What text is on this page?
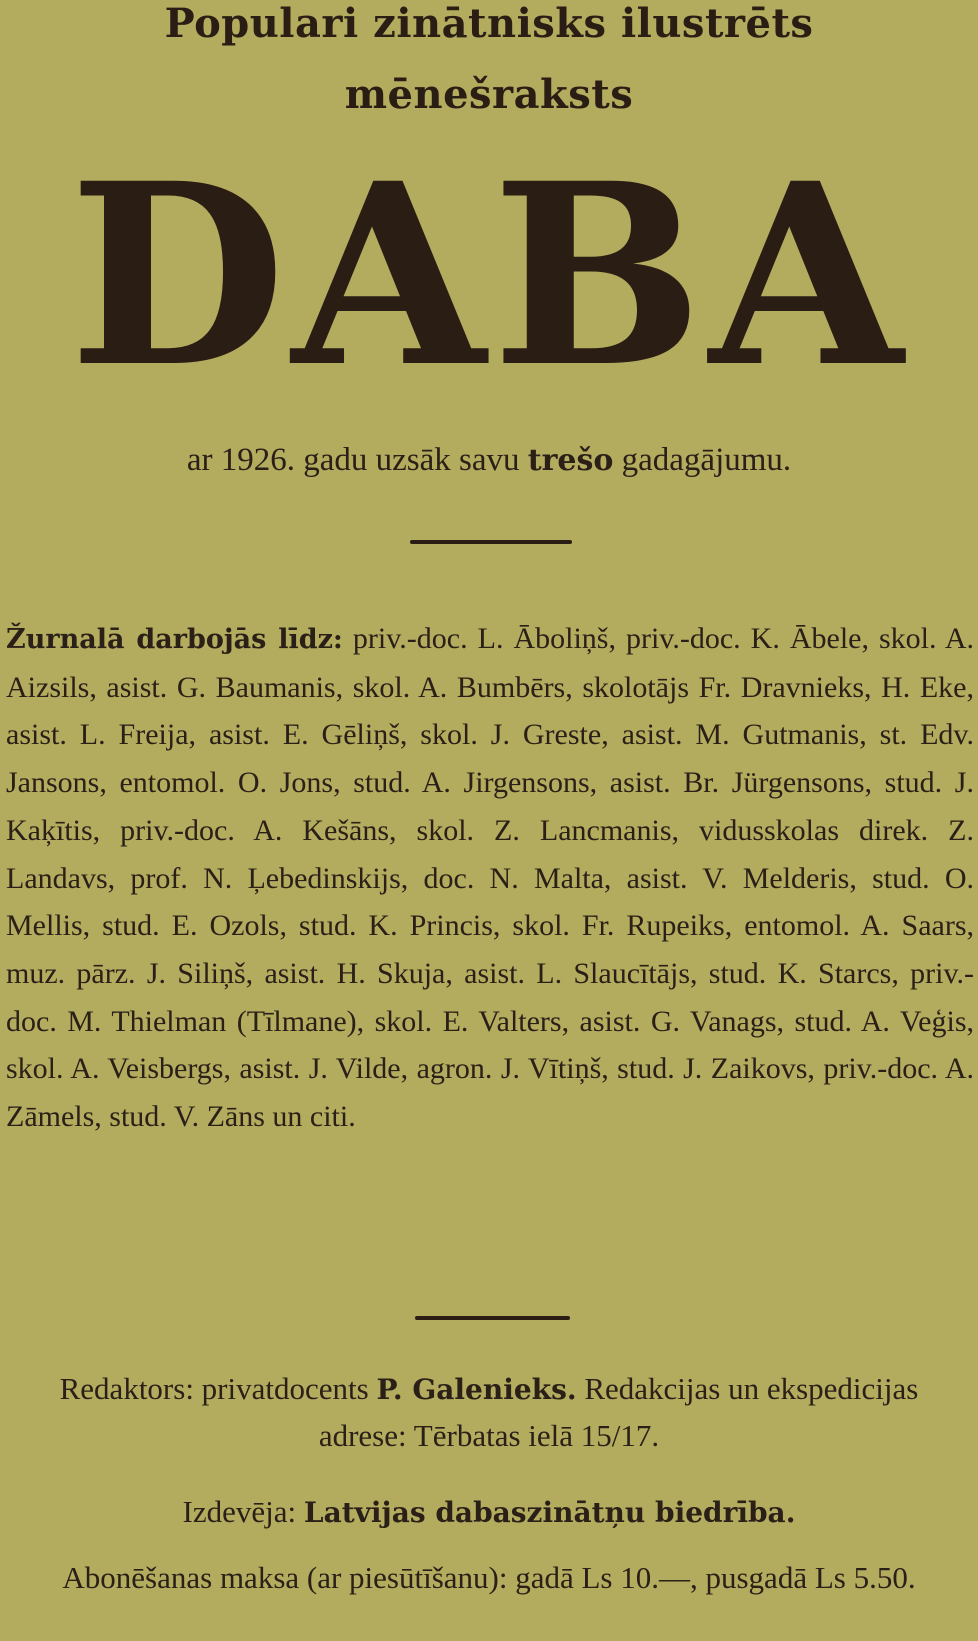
Populari zinātnisks ilustrēts
mēnešraksts
DABA
ar 1926. gadu uzsāk savu trešo gadagājumu.
Žurnalā darbojās līdz: priv.-doc. L. Āboliņš, priv.-doc. K. Ābele, skol. A. Aizsils, asist. G. Baumanis, skol. A. Bumbērs, skolotājs Fr. Dravnieks, H. Eke, asist. L. Freija, asist. E. Gēliņš, skol. J. Greste, asist. M. Gutmanis, st. Edv. Jansons, entomol. O. Jons, stud. A. Jirgensons, asist. Br. Jürgensons, stud. J. Kaķītis, priv.-doc. A. Kešāns, skol. Z. Lancmanis, vidusskolas direk. Z. Landavs, prof. N. Ļebedinskijs, doc. N. Malta, asist. V. Melderis, stud. O. Mellis, stud. E. Ozols, stud. K. Princis, skol. Fr. Rupeiks, entomol. A. Saars, muz. pārz. J. Siliņš, asist. H. Skuja, asist. L. Slaucītājs, stud. K. Starcs, priv.-doc. M. Thielman (Tīlmane), skol. E. Valters, asist. G. Vanags, stud. A. Veģis, skol. A. Veisbergs, asist. J. Vilde, agron. J. Vītiņš, stud. J. Zaikovs, priv.-doc. A. Zāmels, stud. V. Zāns un citi.
Redaktors: privatdocents P. Galenieks. Redakcijas un ekspedicijas adrese: Tērbatas ielā 15/17.
Izdevēja: Latvijas dabaszinātņu biedrība.
Abonēšanas maksa (ar piesūtīšanu): gadā Ls 10.—, pusgadā Ls 5.50.
